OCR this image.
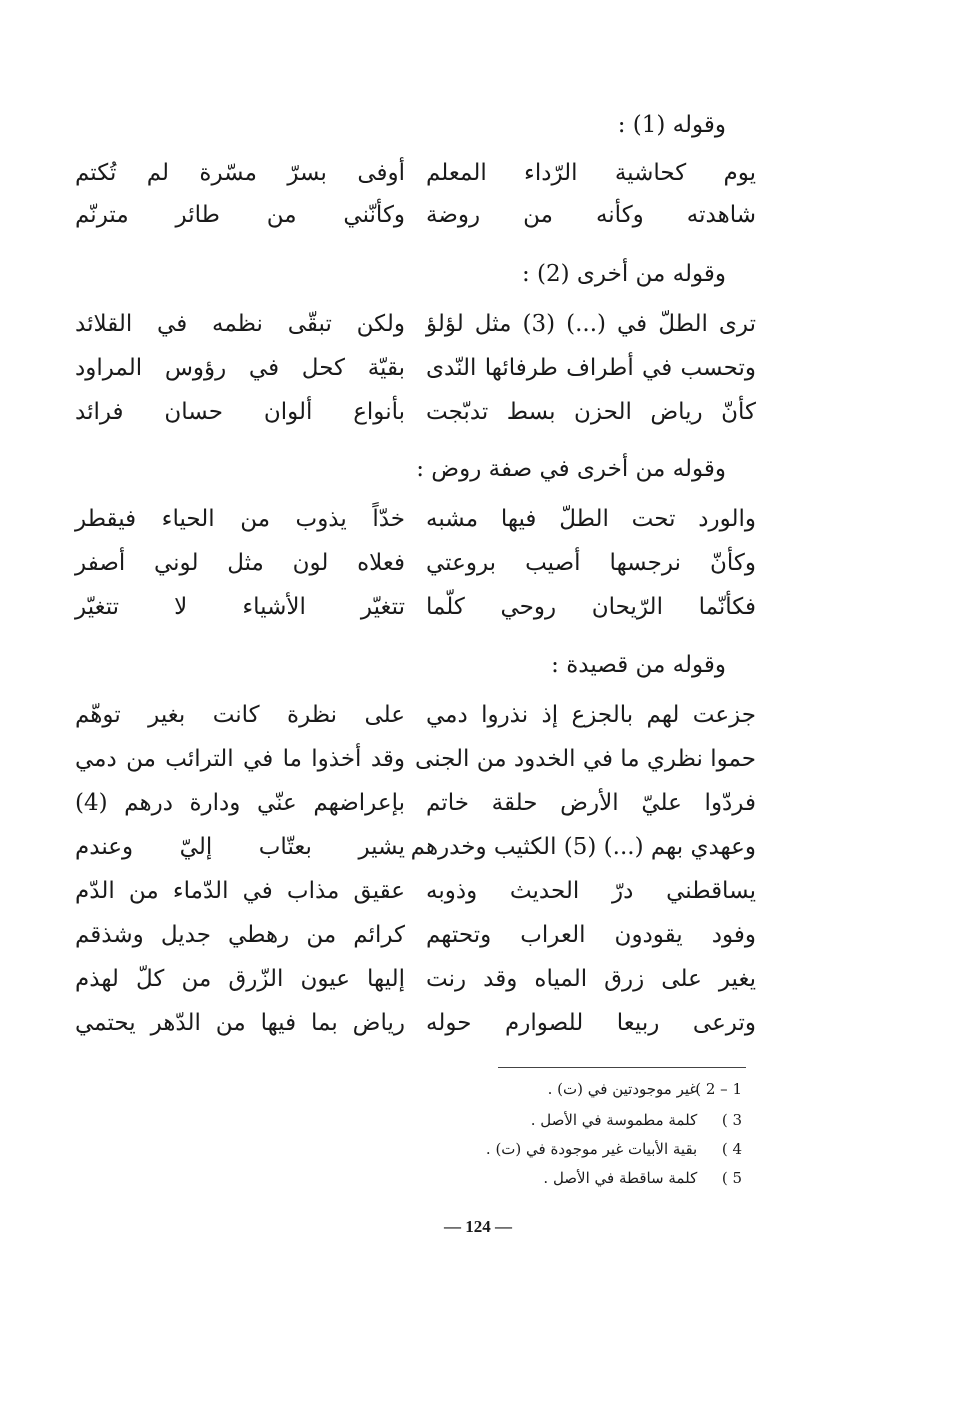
وقوله (1) :
يوم كحاشية الرّداء المعلم
أوفى بسرّ مسّرة لم تُكتم
شاهدته وكأنه من روضة
وكأنّني من طائر مترنّم
وقوله من أخرى (2) :
ترى الطلّ في (...) (3) مثل لؤلؤ
ولكن تبقّى نظمه في القلائد
وتحسب في أطراف طرفائها النّدى
بقيّة كحل في رؤوس المراود
كأنّ رياض الحزن بسط تدبّجت
بأنواع ألوان حسان فرائد
وقوله من أخرى في صفة روض :
والورد تحت الطلّ فيها مشبه
خدّاً يذوب من الحياء فيقطر
وكأنّ نرجسها أصيب بروعتي
فعلاه لون مثل لوني أصفر
فكأنّما الرّيحان روحي كلّما
تتغيّر الأشياء لا تتغيّر
وقوله من قصيدة :
جزعت لهم بالجزع إذ نذروا دمي
على نظرة كانت بغير توهّم
حموا نظري ما في الخدود من الجنى
وقد أخذوا ما في الترائب من دمي
فردّوا عليّ الأرض حلقة خاتم
بإعراضهم عنّي ودارة درهم (4)
وعهدي بهم (...) (5) الكثيب وخدرهم
يشير بعتّاب إليّ وعندم
يساقطني درّ الحديث وذوبه
عقيق مذاب في الدّماء من الدّم
وفود يقودون العراب وتحتهم
كرائم من رهطي جديل وشذقم
يغير على زرق المياه وقد رنت
إليها عيون الزّرق من كلّ لهذم
وترعى ربيعا للصوارم حوله
رياض بما فيها من الدّهر يحتمي
1 – 2 ) غير موجودتين في (ت) .
3 ) كلمة مطموسة في الأصل .
4 ) بقية الأبيات غير موجودة في (ت) .
5 ) كلمة ساقطة في الأصل .
— 124 —
